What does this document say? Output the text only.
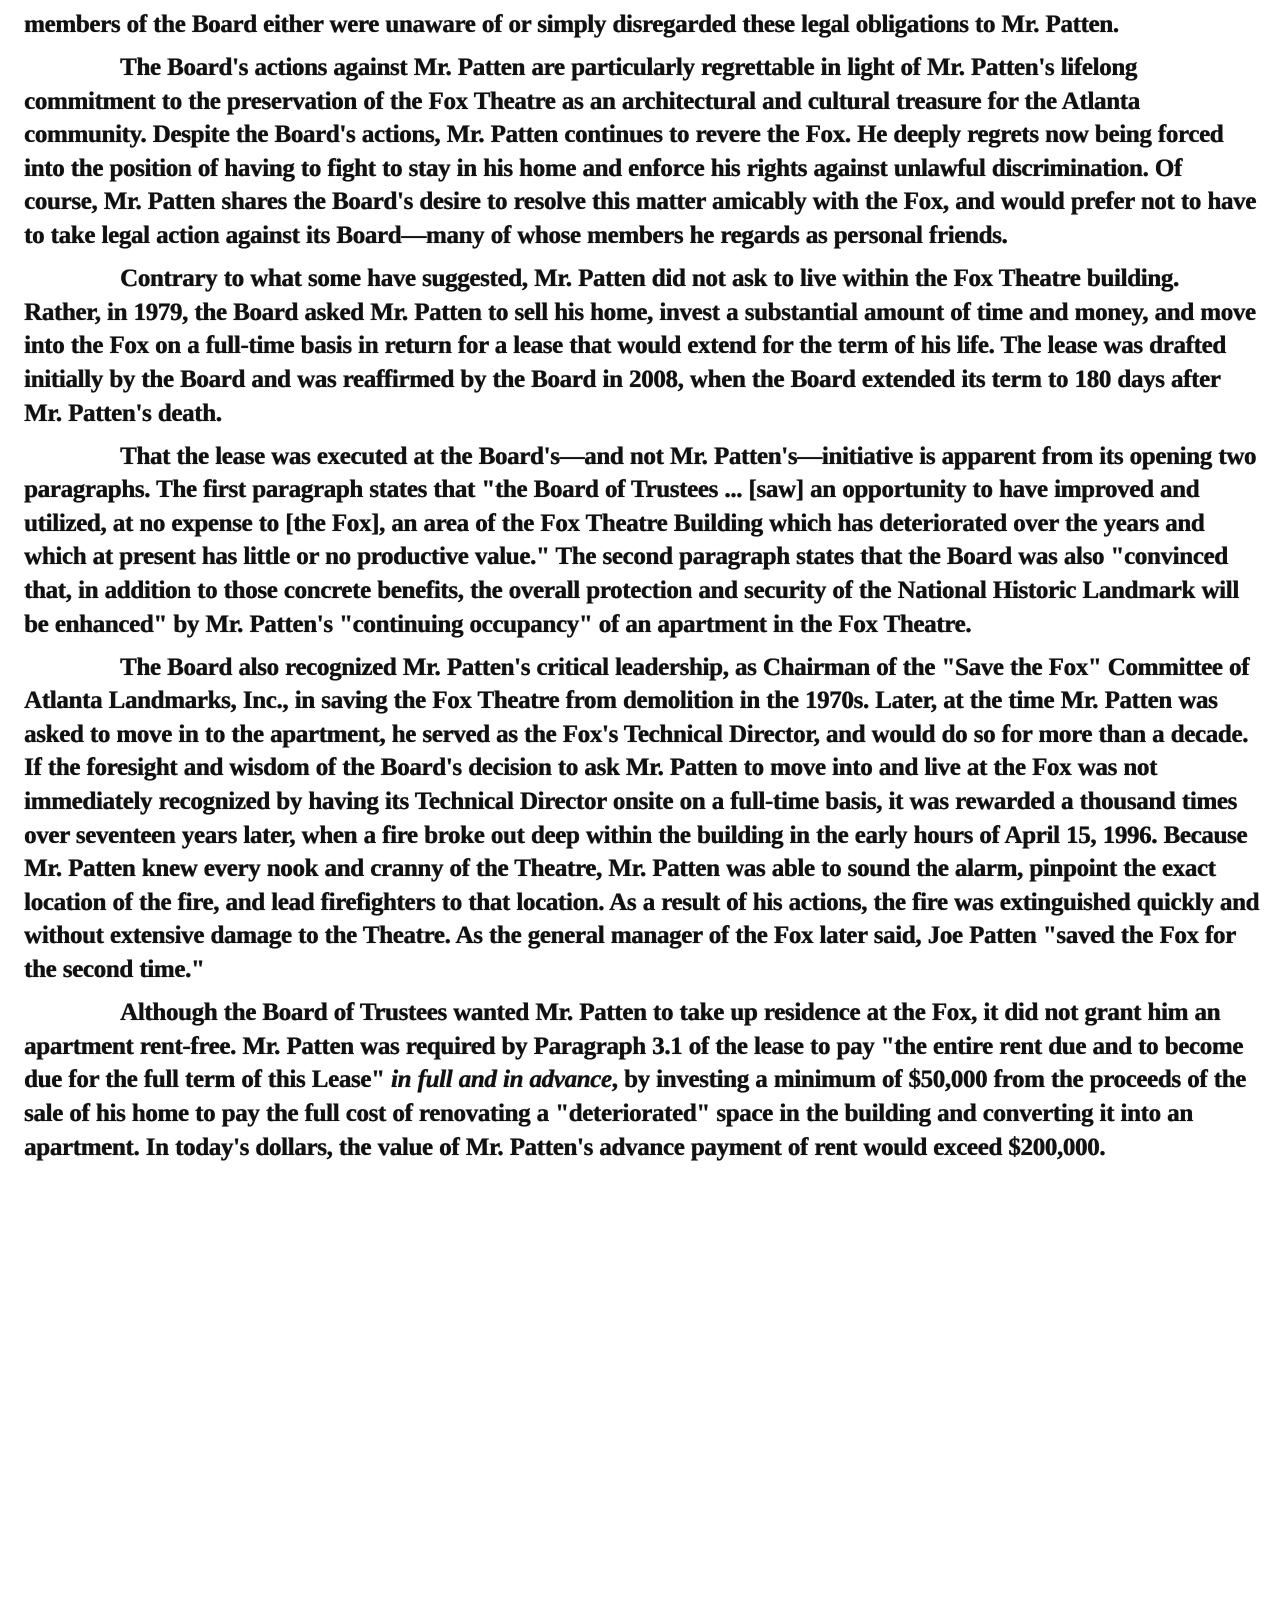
members of the Board either were unaware of or simply disregarded these legal obligations to Mr. Patten.

The Board's actions against Mr. Patten are particularly regrettable in light of Mr. Patten's lifelong commitment to the preservation of the Fox Theatre as an architectural and cultural treasure for the Atlanta community. Despite the Board's actions, Mr. Patten continues to revere the Fox. He deeply regrets now being forced into the position of having to fight to stay in his home and enforce his rights against unlawful discrimination. Of course, Mr. Patten shares the Board's desire to resolve this matter amicably with the Fox, and would prefer not to have to take legal action against its Board—many of whose members he regards as personal friends.

Contrary to what some have suggested, Mr. Patten did not ask to live within the Fox Theatre building. Rather, in 1979, the Board asked Mr. Patten to sell his home, invest a substantial amount of time and money, and move into the Fox on a full-time basis in return for a lease that would extend for the term of his life. The lease was drafted initially by the Board and was reaffirmed by the Board in 2008, when the Board extended its term to 180 days after Mr. Patten's death.

That the lease was executed at the Board's—and not Mr. Patten's—initiative is apparent from its opening two paragraphs. The first paragraph states that "the Board of Trustees ... [saw] an opportunity to have improved and utilized, at no expense to [the Fox], an area of the Fox Theatre Building which has deteriorated over the years and which at present has little or no productive value." The second paragraph states that the Board was also "convinced that, in addition to those concrete benefits, the overall protection and security of the National Historic Landmark will be enhanced" by Mr. Patten's "continuing occupancy" of an apartment in the Fox Theatre.

The Board also recognized Mr. Patten's critical leadership, as Chairman of the "Save the Fox" Committee of Atlanta Landmarks, Inc., in saving the Fox Theatre from demolition in the 1970s. Later, at the time Mr. Patten was asked to move in to the apartment, he served as the Fox's Technical Director, and would do so for more than a decade. If the foresight and wisdom of the Board's decision to ask Mr. Patten to move into and live at the Fox was not immediately recognized by having its Technical Director onsite on a full-time basis, it was rewarded a thousand times over seventeen years later, when a fire broke out deep within the building in the early hours of April 15, 1996. Because Mr. Patten knew every nook and cranny of the Theatre, Mr. Patten was able to sound the alarm, pinpoint the exact location of the fire, and lead firefighters to that location. As a result of his actions, the fire was extinguished quickly and without extensive damage to the Theatre. As the general manager of the Fox later said, Joe Patten "saved the Fox for the second time."

Although the Board of Trustees wanted Mr. Patten to take up residence at the Fox, it did not grant him an apartment rent-free. Mr. Patten was required by Paragraph 3.1 of the lease to pay "the entire rent due and to become due for the full term of this Lease" in full and in advance, by investing a minimum of $50,000 from the proceeds of the sale of his home to pay the full cost of renovating a "deteriorated" space in the building and converting it into an apartment. In today's dollars, the value of Mr. Patten's advance payment of rent would exceed $200,000.
